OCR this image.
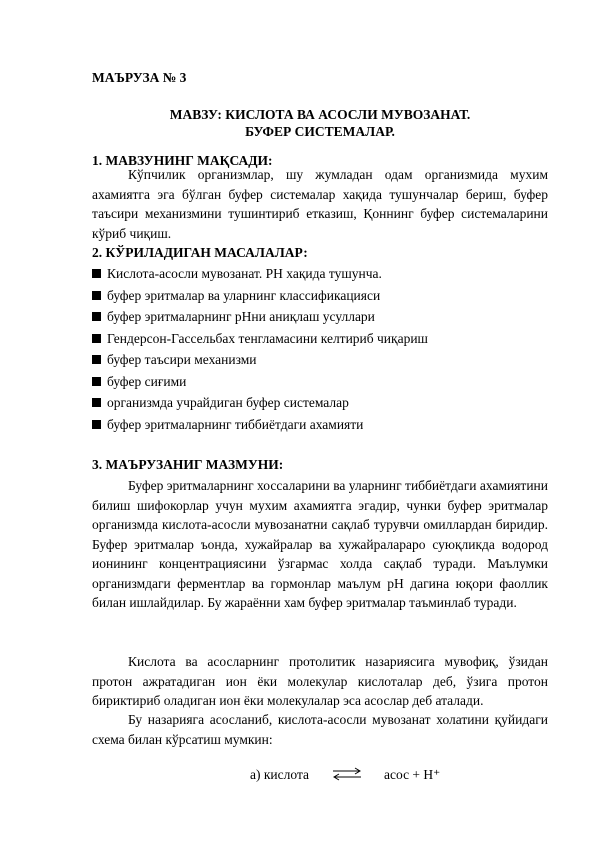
МАЪРУЗА № 3
МАВЗУ: КИСЛОТА ВА АСОСЛИ МУВОЗАНАТ.
БУФЕР СИСТЕМАЛАР.
1. МАВЗУНИНГ МАҚСАДИ:

Кўпчилик организмлар, шу жумладан одам организмида мухим ахамиятга эга бўлган буфер системалар хақида тушунчалар бериш, буфер таъсири механизмини тушинтириб етказиш, Қоннинг буфер системаларини кўриб чиқиш.

2. КЎРИЛАДИГАН МАСАЛАЛАР:
Кислота-асосли мувозанат. PH хақида тушунча.
буфер эритмалар ва уларнинг классификацияси
буфер эритмаларнинг pHни аниқлаш усуллари
Гендерсон-Гассельбах тенгламасини келтириб чиқариш
буфер таъсири механизми
буфер сиғими
организмда учрайдиган буфер системалар
буфер эритмаларнинг тиббиётдаги ахамияти
3. МАЪРУЗАНИГ МАЗМУНИ:

Буфер эритмаларнинг хоссаларини ва уларнинг тиббиётдаги ахамиятини билиш шифокорлар учун мухим ахамиятга эгадир, чунки буфер эритмалар организмда кислота-асосли мувозанатни сақлаб турувчи омиллардан биридир. Буфер эритмалар ъонда, хужайралар ва хужайралараро суюқликда водород ионининг концентрациясини ўзгармас холда сақлаб туради. Маълумки организмдаги ферментлар ва гормонлар маълум pH дагина юқори фаоллик билан ишлайдилар. Бу жараённи хам буфер эритмалар таъминлаб туради.

Кислота ва асосларнинг протолитик назариясига мувофиқ, ўзидан протон ажратадиган ион ёки молекулар кислоталар деб, ўзига протон бириктириб оладиган ион ёки молекулалар эса асослар деб аталади.

Бу назарияга асосланиб, кислота-асосли мувозанат холатини қуйидаги схема билан кўрсатиш мумкин:

а) кислота ⇌ асос + H⁺
